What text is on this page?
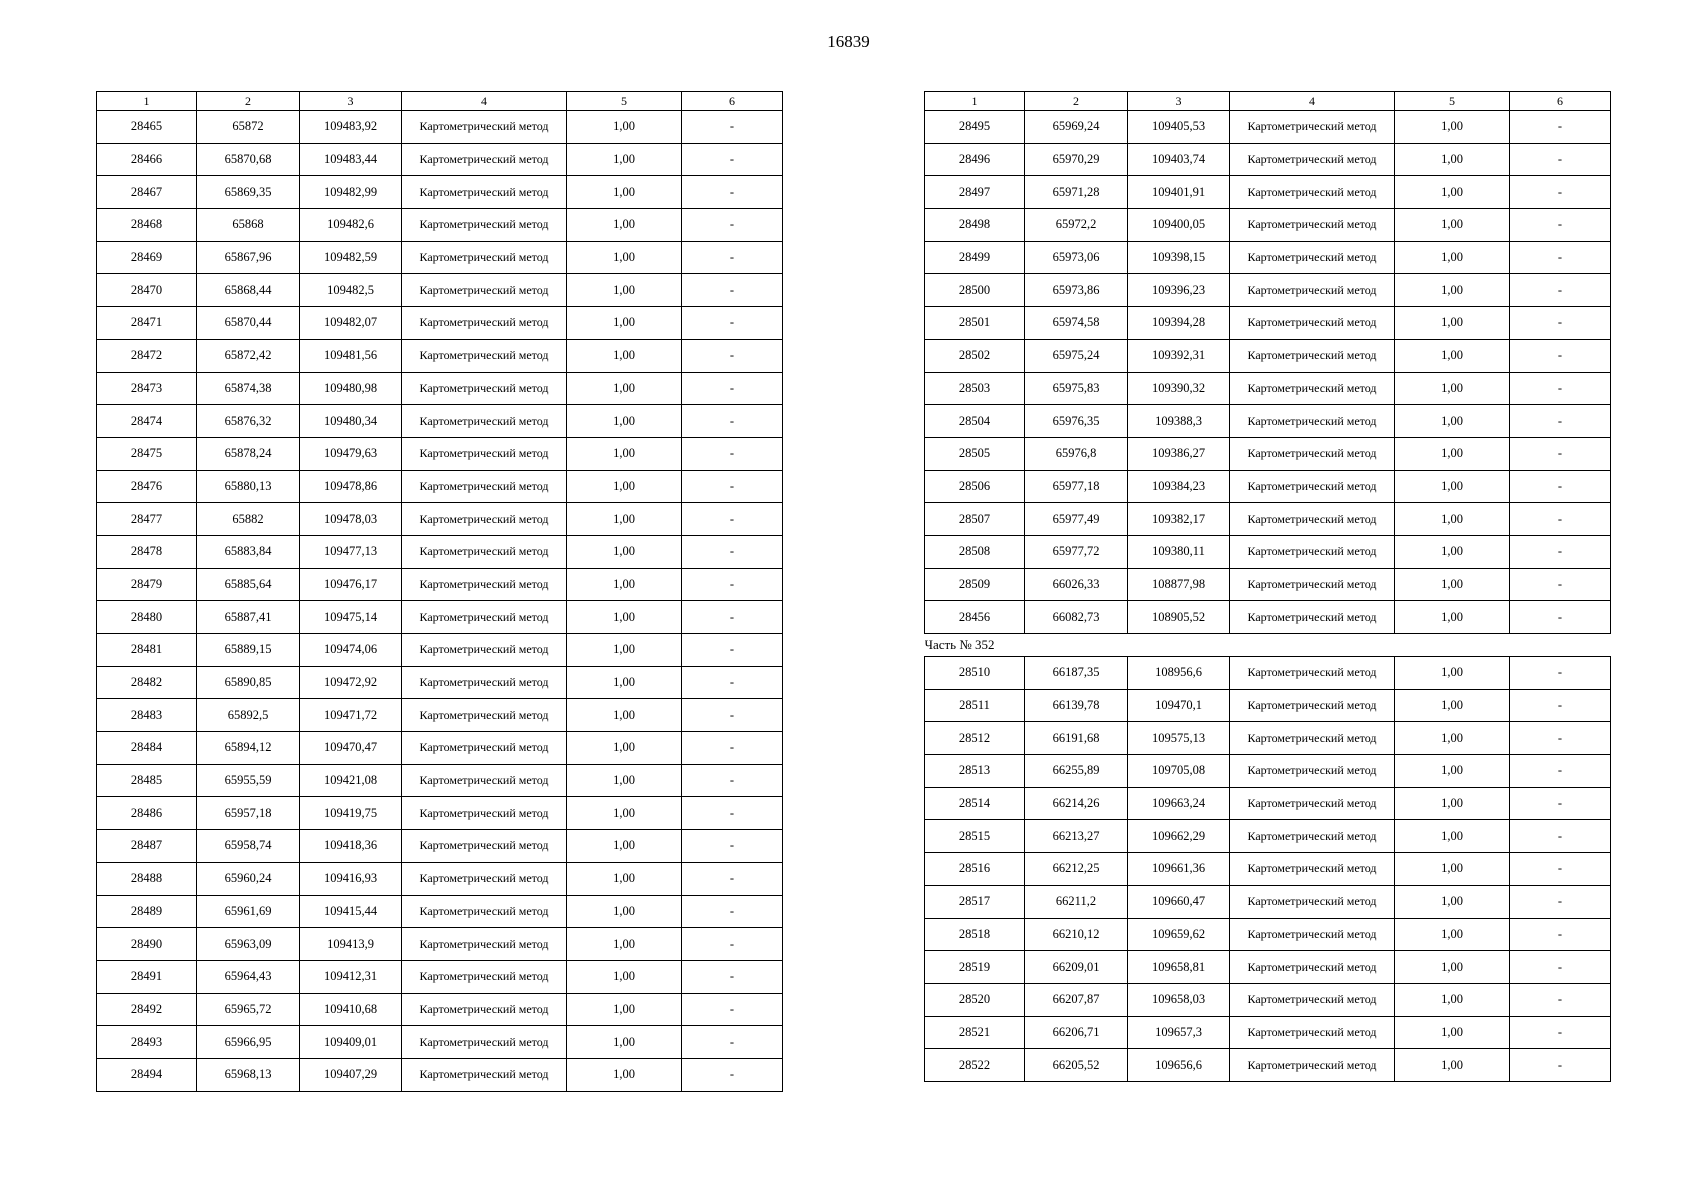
16839
1	2	3	4	5	6
28465	65872	109483,92	Картометрический метод	1,00	-
28466	65870,68	109483,44	Картометрический метод	1,00	-
28467	65869,35	109482,99	Картометрический метод	1,00	-
28468	65868	109482,6	Картометрический метод	1,00	-
28469	65867,96	109482,59	Картометрический метод	1,00	-
28470	65868,44	109482,5	Картометрический метод	1,00	-
28471	65870,44	109482,07	Картометрический метод	1,00	-
28472	65872,42	109481,56	Картометрический метод	1,00	-
28473	65874,38	109480,98	Картометрический метод	1,00	-
28474	65876,32	109480,34	Картометрический метод	1,00	-
28475	65878,24	109479,63	Картометрический метод	1,00	-
28476	65880,13	109478,86	Картометрический метод	1,00	-
28477	65882	109478,03	Картометрический метод	1,00	-
28478	65883,84	109477,13	Картометрический метод	1,00	-
28479	65885,64	109476,17	Картометрический метод	1,00	-
28480	65887,41	109475,14	Картометрический метод	1,00	-
28481	65889,15	109474,06	Картометрический метод	1,00	-
28482	65890,85	109472,92	Картометрический метод	1,00	-
28483	65892,5	109471,72	Картометрический метод	1,00	-
28484	65894,12	109470,47	Картометрический метод	1,00	-
28485	65955,59	109421,08	Картометрический метод	1,00	-
28486	65957,18	109419,75	Картометрический метод	1,00	-
28487	65958,74	109418,36	Картометрический метод	1,00	-
28488	65960,24	109416,93	Картометрический метод	1,00	-
28489	65961,69	109415,44	Картометрический метод	1,00	-
28490	65963,09	109413,9	Картометрический метод	1,00	-
28491	65964,43	109412,31	Картометрический метод	1,00	-
28492	65965,72	109410,68	Картометрический метод	1,00	-
28493	65966,95	109409,01	Картометрический метод	1,00	-
28494	65968,13	109407,29	Картометрический метод	1,00	-
1	2	3	4	5	6
28495	65969,24	109405,53	Картометрический метод	1,00	-
28496	65970,29	109403,74	Картометрический метод	1,00	-
28497	65971,28	109401,91	Картометрический метод	1,00	-
28498	65972,2	109400,05	Картометрический метод	1,00	-
28499	65973,06	109398,15	Картометрический метод	1,00	-
28500	65973,86	109396,23	Картометрический метод	1,00	-
28501	65974,58	109394,28	Картометрический метод	1,00	-
28502	65975,24	109392,31	Картометрический метод	1,00	-
28503	65975,83	109390,32	Картометрический метод	1,00	-
28504	65976,35	109388,3	Картометрический метод	1,00	-
28505	65976,8	109386,27	Картометрический метод	1,00	-
28506	65977,18	109384,23	Картометрический метод	1,00	-
28507	65977,49	109382,17	Картометрический метод	1,00	-
28508	65977,72	109380,11	Картометрический метод	1,00	-
28509	66026,33	108877,98	Картометрический метод	1,00	-
28456	66082,73	108905,52	Картометрический метод	1,00	-
Часть № 352					
28510	66187,35	108956,6	Картометрический метод	1,00	-
28511	66139,78	109470,1	Картометрический метод	1,00	-
28512	66191,68	109575,13	Картометрический метод	1,00	-
28513	66255,89	109705,08	Картометрический метод	1,00	-
28514	66214,26	109663,24	Картометрический метод	1,00	-
28515	66213,27	109662,29	Картометрический метод	1,00	-
28516	66212,25	109661,36	Картометрический метод	1,00	-
28517	66211,2	109660,47	Картометрический метод	1,00	-
28518	66210,12	109659,62	Картометрический метод	1,00	-
28519	66209,01	109658,81	Картометрический метод	1,00	-
28520	66207,87	109658,03	Картометрический метод	1,00	-
28521	66206,71	109657,3	Картометрический метод	1,00	-
28522	66205,52	109656,6	Картометрический метод	1,00	-
